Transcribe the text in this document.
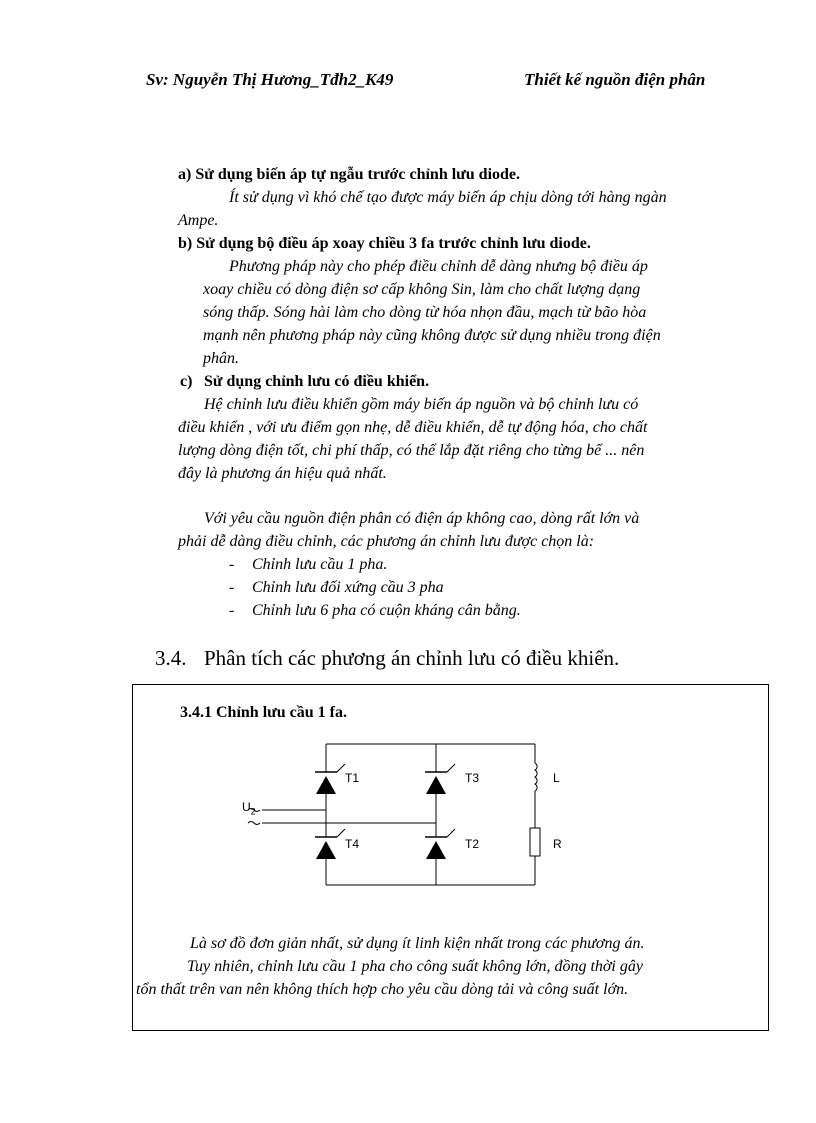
Sv: Nguyễn Thị Hương_Tđh2_K49	Thiết kế nguồn điện phân
a) Sử dụng biến áp tự ngẫu trước chỉnh lưu diode.
Ít sử dụng vì khó chế tạo được máy biến áp chịu dòng tới hàng ngàn
Ampe.
b) Sử dụng bộ điều áp xoay chiều 3 fa trước chỉnh lưu diode.
Phương pháp này cho phép điều chỉnh dễ dàng nhưng bộ điều áp
xoay chiều có dòng điện sơ cấp không Sin, làm cho chất lượng dạng
sóng thấp. Sóng hài làm cho dòng từ hóa nhọn đầu, mạch từ bão hòa
mạnh nên phương pháp này cũng không được sử dụng nhiều trong điện
phân.
c) Sử dụng chỉnh lưu có điều khiển.
Hệ chỉnh lưu điều khiển gồm máy biến áp nguồn và bộ chỉnh lưu có
điều khiển , với ưu điểm gọn nhẹ, dễ điều khiển, dễ tự động hóa, cho chất
lượng dòng điện tốt, chi phí thấp, có thể lắp đặt riêng cho từng bể ... nên
đây là phương án hiệu quả nhất.
Với yêu cầu nguồn điện phân có điện áp không cao, dòng rất lớn và
phải dễ dàng điều chỉnh, các phương án chỉnh lưu được chọn là:
- Chỉnh lưu cầu 1 pha.
- Chỉnh lưu đối xứng cầu 3 pha
- Chỉnh lưu 6 pha có cuộn kháng cân bằng.
3.4. Phân tích các phương án chỉnh lưu có điều khiển.
3.4.1 Chỉnh lưu cầu 1 fa.
$U_2$
T1	T3
T4	T2
L
R
Là sơ đồ đơn giản nhất, sử dụng ít linh kiện nhất trong các phương án.
Tuy nhiên, chỉnh lưu cầu 1 pha cho công suất không lớn, đồng thời gây
tổn thất trên van nên không thích hợp cho yêu cầu dòng tải và công suất lớn.
